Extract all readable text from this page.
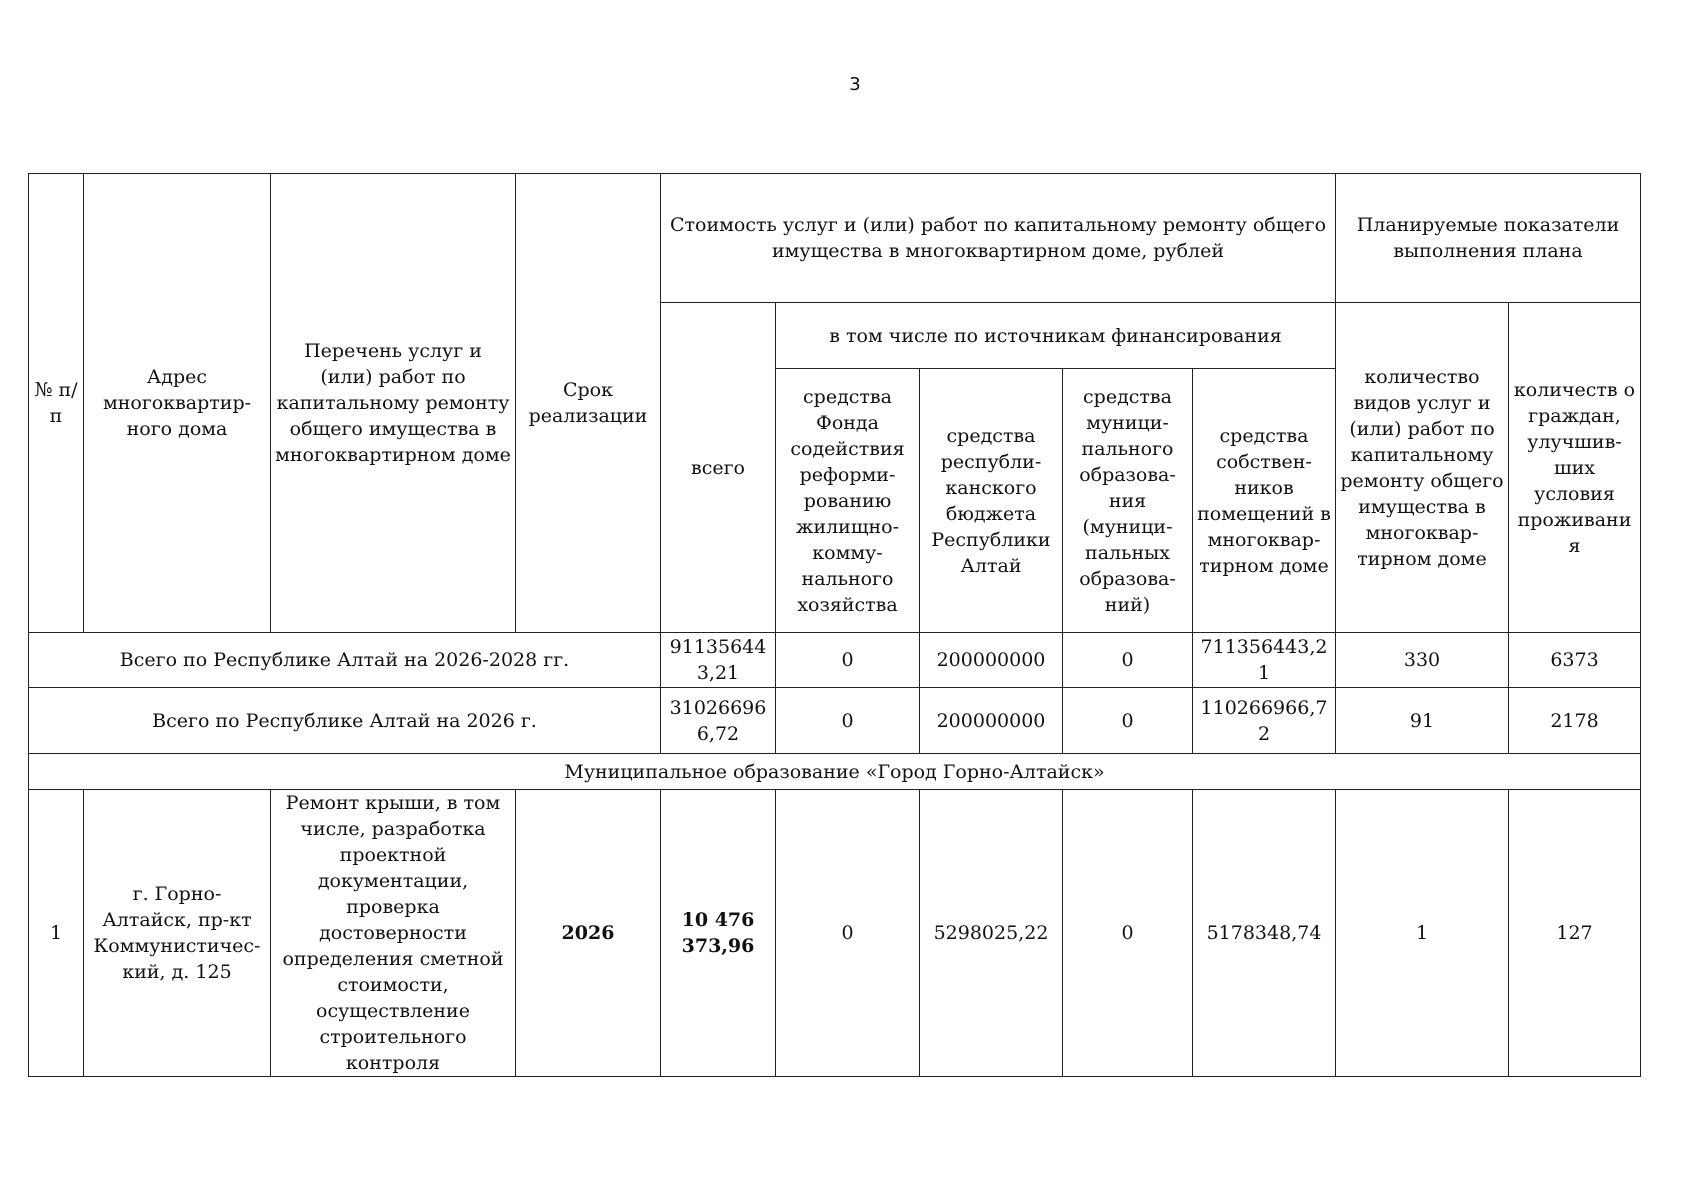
3
№ п/п	Адрес многоквартир-ного дома	Перечень услуг и (или) работ по капитальному ремонту общего имущества в многоквартирном доме	Срок реализации	Стоимость услуг и (или) работ по капитальному ремонту общего имущества в многоквартирном доме, рублей					Планируемые показатели выполнения плана	
				всего	в том числе по источникам финансирования				количество видов услуг и (или) работ по капитальному ремонту общего имущества в многоквар-тирном доме	количеств о граждан, улучшив-ших условия проживани я
					средства Фонда содействия реформи-рованию жилищно-комму-нального хозяйства	средства республи-канского бюджета Республики Алтай	средства муници-пального образова-ния (муници-пальных образова-ний)	средства собствен-ников помещений в многоквар-тирном доме		
Всего по Республике Алтай на 2026-2028 гг.				911356443,21	0	200000000	0	711356443,21	330	6373
Всего по Республике Алтай на 2026 г.				310266966,72	0	200000000	0	110266966,72	91	2178
Муниципальное образование «Город Горно-Алтайск»										
1	г. Горно-Алтайск, пр-кт Коммунистичес-кий, д. 125	Ремонт крыши, в том числе, разработка проектной документации, проверка достоверности определения сметной стоимости, осуществление строительного контроля	2026	10 476 373,96	0	5298025,22	0	5178348,74	1	127
